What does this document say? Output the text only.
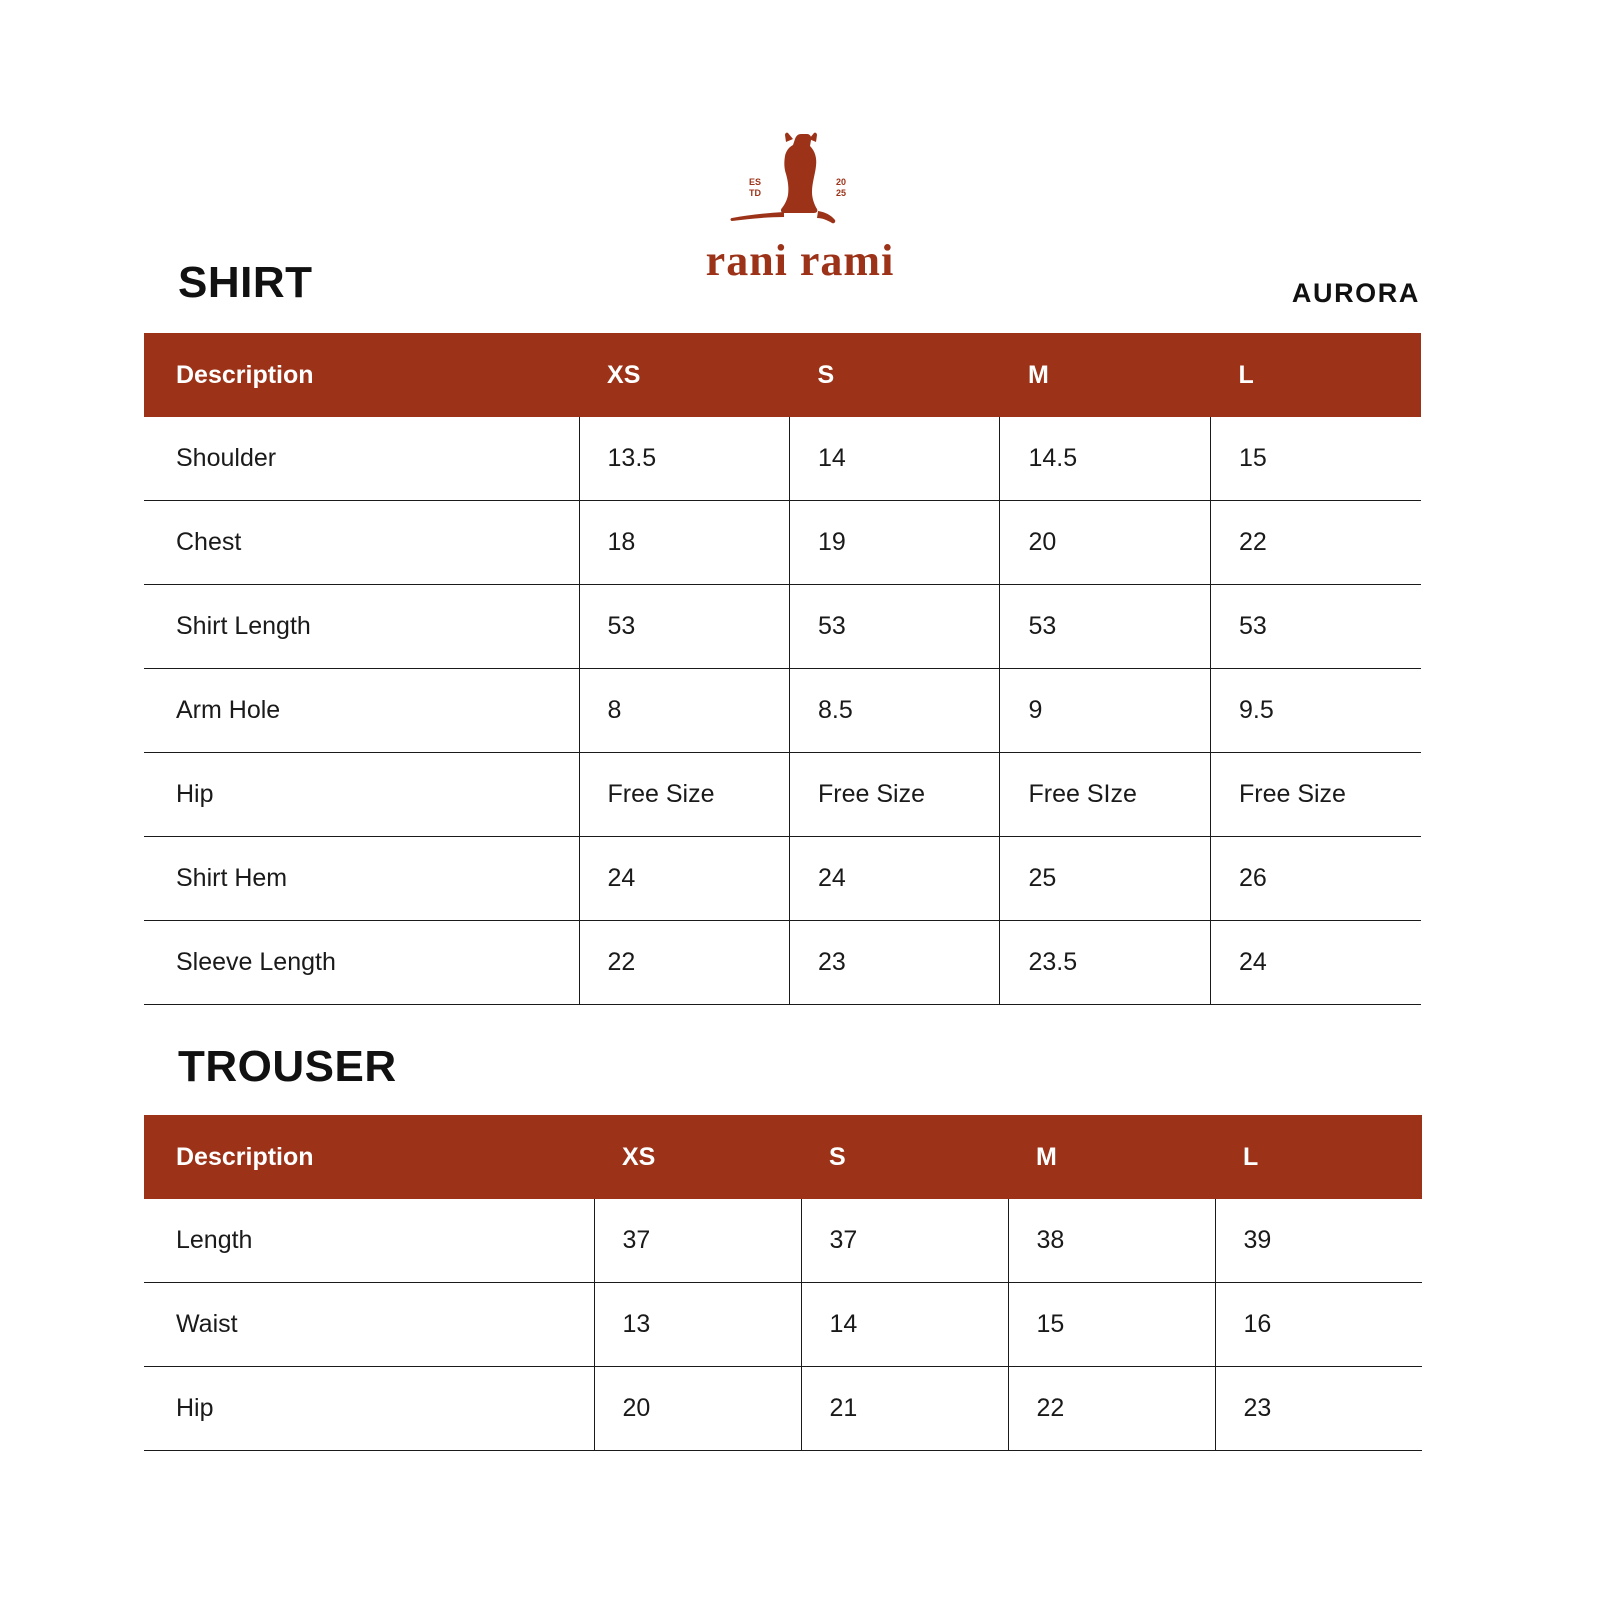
ES
TD
20
25
rani rami
AURORA
SHIRT
Description	XS	S	M	L
Shoulder	13.5	14	14.5	15
Chest	18	19	20	22
Shirt Length	53	53	53	53
Arm Hole	8	8.5	9	9.5
Hip	Free Size	Free Size	Free SIze	Free Size
Shirt Hem	24	24	25	26
Sleeve Length	22	23	23.5	24
TROUSER
Description	XS	S	M	L
Length	37	37	38	39
Waist	13	14	15	16
Hip	20	21	22	23
